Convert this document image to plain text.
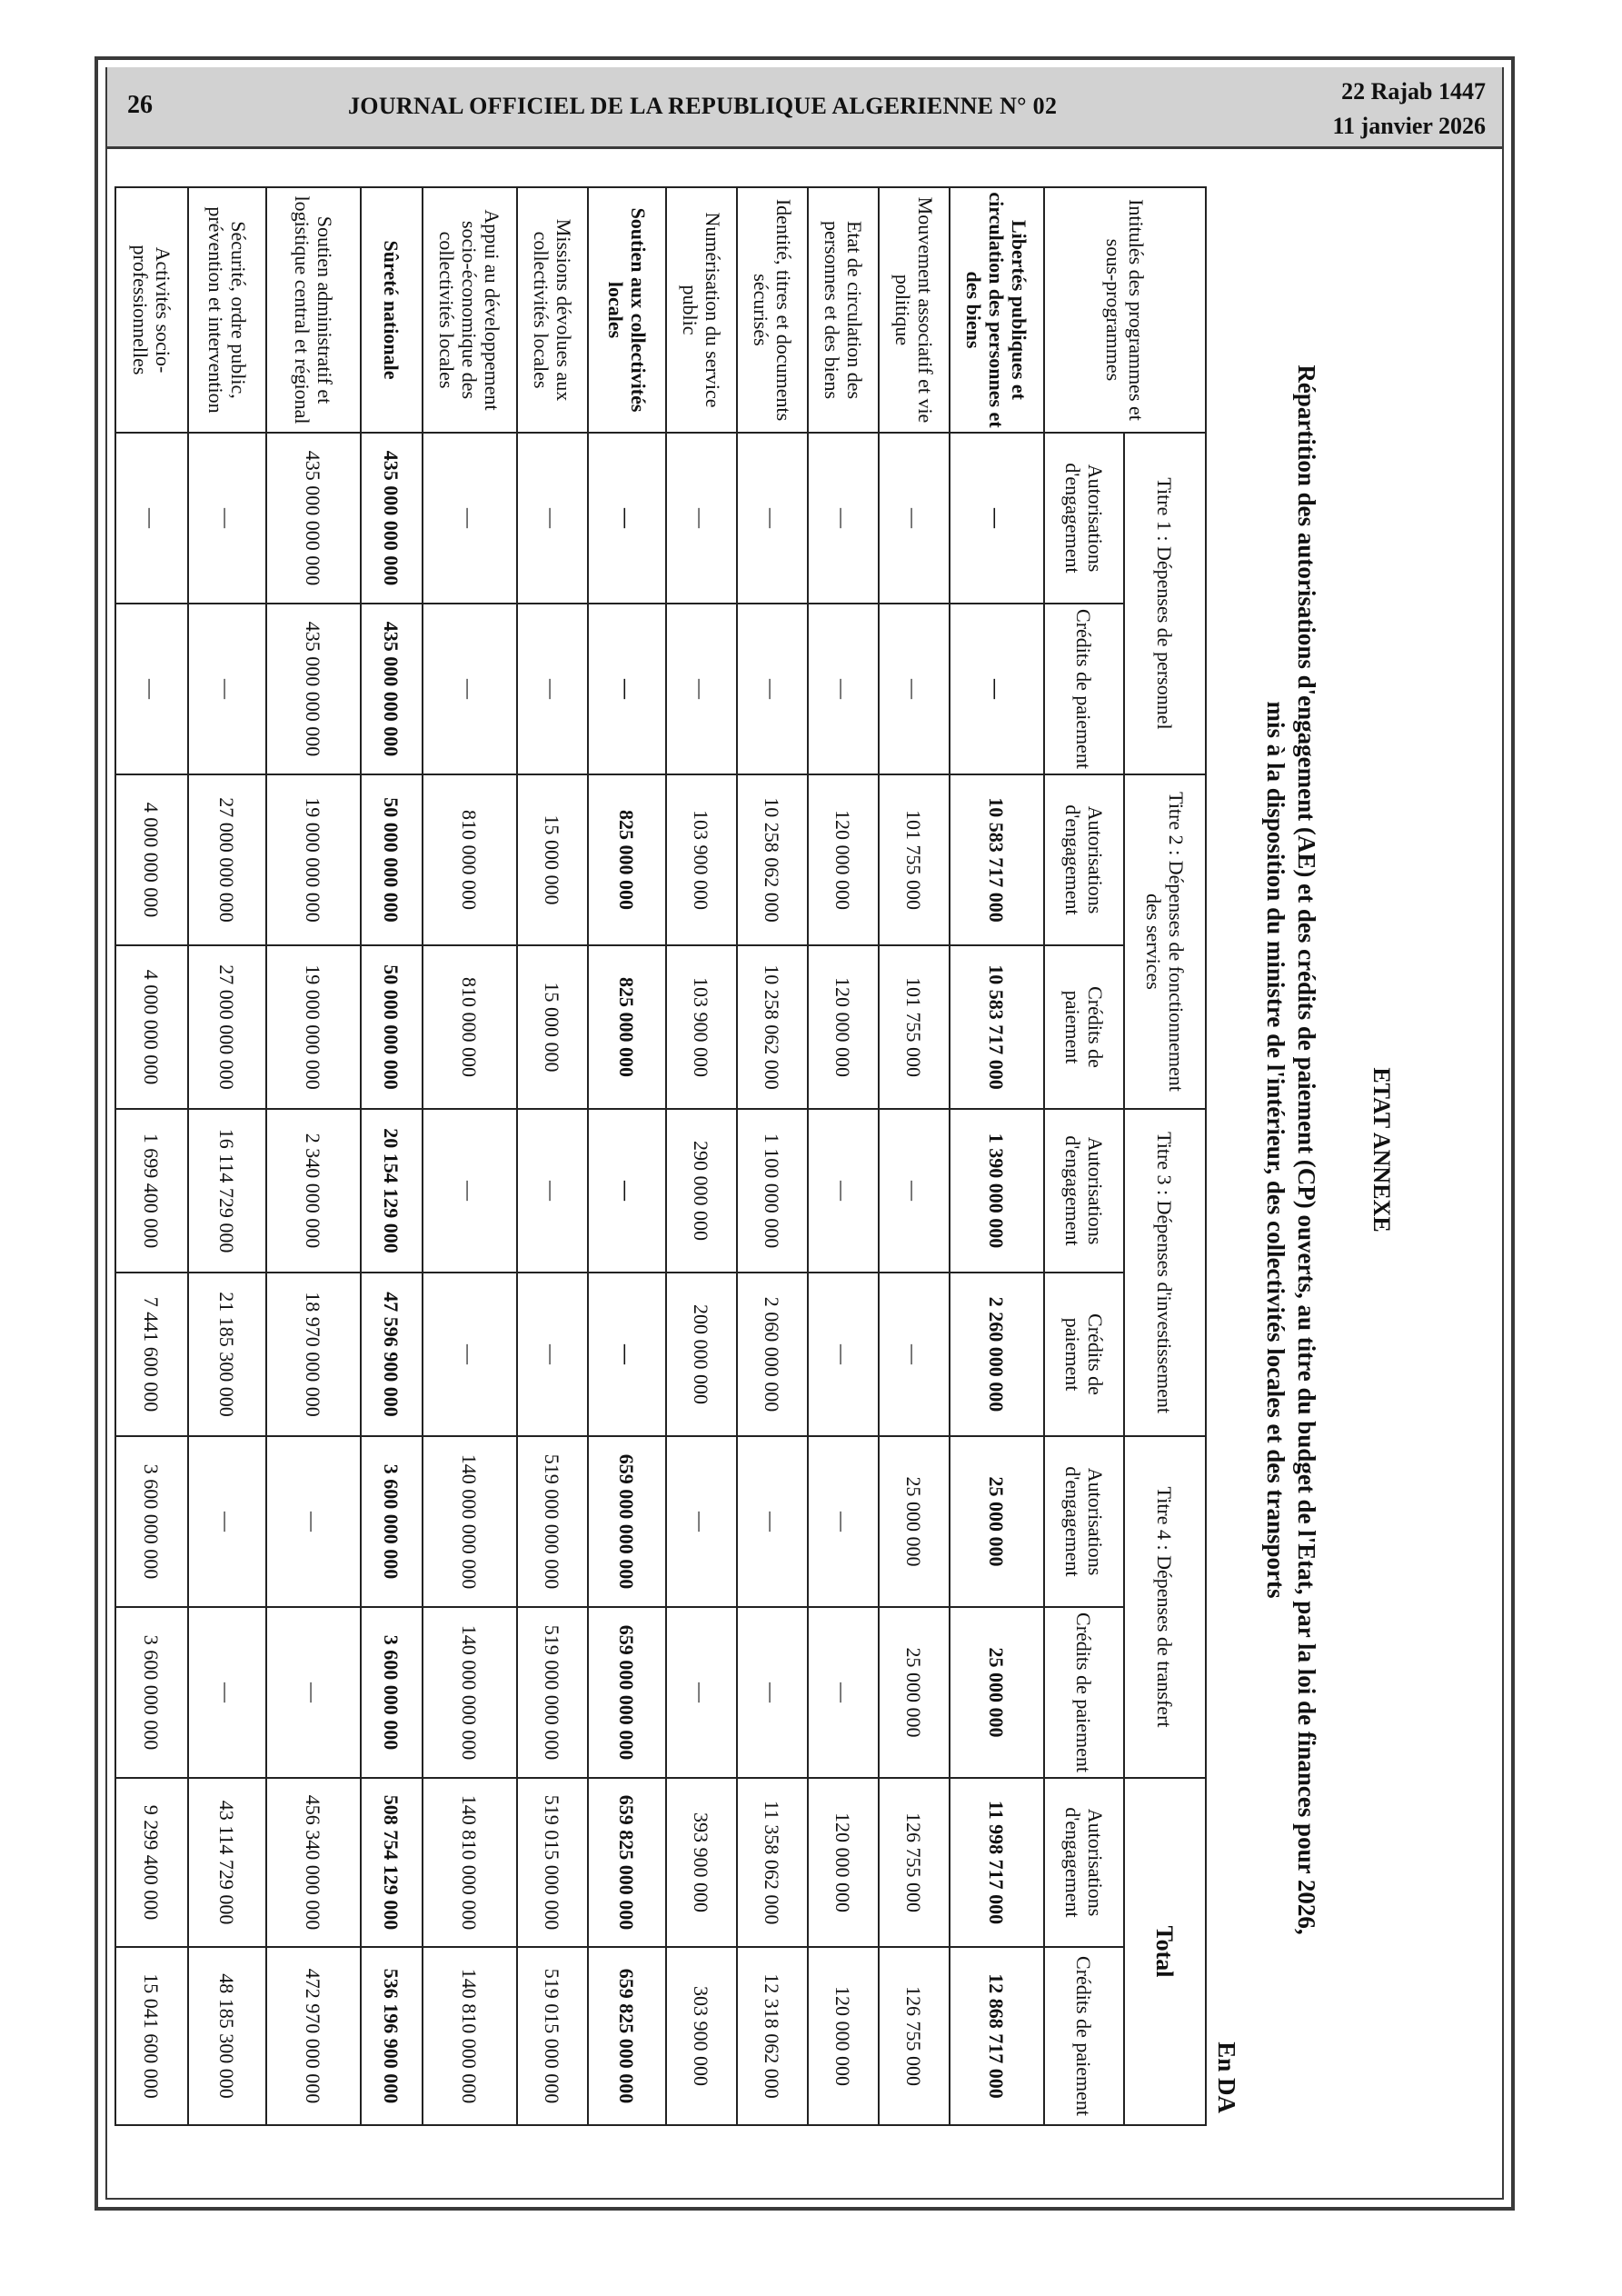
26	JOURNAL OFFICIEL DE LA REPUBLIQUE ALGERIENNE N° 02
22 Rajab 1447
11 janvier 2026
ETAT ANNEXE
Répartition des autorisations d'engagement (AE) et des crédits de paiement (CP) ouverts, au titre du budget de l'Etat, par la loi de finances pour 2026,
mis à la disposition du ministre de l'intérieur, des collectivités locales et des transports
En DA
Intitulés des programmes et sous-programmes	Titre 1 : Dépenses de personnel		Titre 2 : Dépenses de fonctionnement des services		Titre 3 : Dépenses d'investissement		Titre 4 : Dépenses de transfert		Total	
	Autorisations d'engagement	Crédits de paiement	Autorisations d'engagement	Crédits de paiement	Autorisations d'engagement	Crédits de paiement	Autorisations d'engagement	Crédits de paiement	Autorisations d'engagement	Crédits de paiement
Libertés publiques et circulation des personnes et des biens	—	—	10 583 717 000	10 583 717 000	1 390 000 000	2 260 000 000	25 000 000	25 000 000	11 998 717 000	12 868 717 000
Mouvement associatif et vie politique	—	—	101 755 000	101 755 000	—	—	25 000 000	25 000 000	126 755 000	126 755 000
Etat de circulation des personnes et des biens	—	—	120 000 000	120 000 000	—	—	—	—	120 000 000	120 000 000
Identité, titres et documents sécurisés	—	—	10 258 062 000	10 258 062 000	1 100 000 000	2 060 000 000	—	—	11 358 062 000	12 318 062 000
Numérisation du service public	—	—	103 900 000	103 900 000	290 000 000	200 000 000	—	—	393 900 000	303 900 000
Soutien aux collectivités locales	—	—	825 000 000	825 000 000	—	—	659 000 000 000	659 000 000 000	659 825 000 000	659 825 000 000
Missions dévolues aux collectivités locales	—	—	15 000 000	15 000 000	—	—	519 000 000 000	519 000 000 000	519 015 000 000	519 015 000 000
Appui au développement socio-économique des collectivités locales	—	—	810 000 000	810 000 000	—	—	140 000 000 000	140 000 000 000	140 810 000 000	140 810 000 000
Sûreté nationale	435 000 000 000	435 000 000 000	50 000 000 000	50 000 000 000	20 154 129 000	47 596 900 000	3 600 000 000	3 600 000 000	508 754 129 000	536 196 900 000
Soutien administratif et logistique central et régional	435 000 000 000	435 000 000 000	19 000 000 000	19 000 000 000	2 340 000 000	18 970 000 000	—	—	456 340 000 000	472 970 000 000
Sécurité, ordre public, prévention et intervention	—	—	27 000 000 000	27 000 000 000	16 114 729 000	21 185 300 000	—	—	43 114 729 000	48 185 300 000
Activités socio-professionnelles	—	—	4 000 000 000	4 000 000 000	1 699 400 000	7 441 600 000	3 600 000 000	3 600 000 000	9 299 400 000	15 041 600 000
